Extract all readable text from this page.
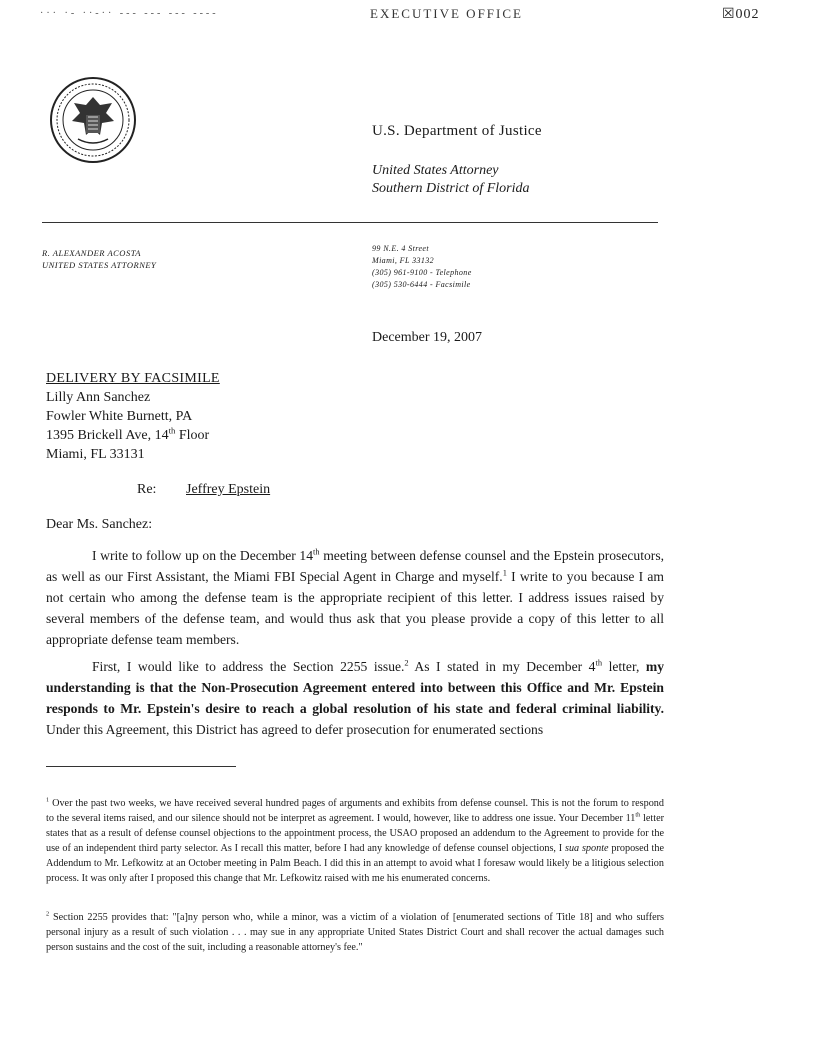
··· ·- ··-·· --- --- --- ----	EXECUTIVE OFFICE	☒002
U.S. Department of Justice
United States Attorney
Southern District of Florida
R. ALEXANDER ACOSTA
UNITED STATES ATTORNEY
99 N.E. 4 Street
Miami, FL 33132
(305) 961-9100 - Telephone
(305) 530-6444 - Facsimile
December 19, 2007
DELIVERY BY FACSIMILE
Lilly Ann Sanchez
Fowler White Burnett, PA
1395 Brickell Ave, 14th Floor
Miami, FL 33131
Re: Jeffrey Epstein
Dear Ms. Sanchez:

I write to follow up on the December 14th meeting between defense counsel and the Epstein prosecutors, as well as our First Assistant, the Miami FBI Special Agent in Charge and myself.$^1$ I write to you because I am not certain who among the defense team is the appropriate recipient of this letter. I address issues raised by several members of the defense team, and would thus ask that you please provide a copy of this letter to all appropriate defense team members.

First, I would like to address the Section 2255 issue.$^2$ As I stated in my December 4th letter, my understanding is that the Non-Prosecution Agreement entered into between this Office and Mr. Epstein responds to Mr. Epstein's desire to reach a global resolution of his state and federal criminal liability. Under this Agreement, this District has agreed to defer prosecution for enumerated sections

$^1$ Over the past two weeks, we have received several hundred pages of arguments and exhibits from defense counsel. This is not the forum to respond to the several items raised, and our silence should not be interpret as agreement. I would, however, like to address one issue. Your December 11th letter states that as a result of defense counsel objections to the appointment process, the USAO proposed an addendum to the Agreement to provide for the use of an independent third party selector. As I recall this matter, before I had any knowledge of defense counsel objections, I sua sponte proposed the Addendum to Mr. Lefkowitz at an October meeting in Palm Beach. I did this in an attempt to avoid what I foresaw would likely be a litigious selection process. It was only after I proposed this change that Mr. Lefkowitz raised with me his enumerated concerns.

$^2$ Section 2255 provides that: "[a]ny person who, while a minor, was a victim of a violation of [enumerated sections of Title 18] and who suffers personal injury as a result of such violation . . . may sue in any appropriate United States District Court and shall recover the actual damages such person sustains and the cost of the suit, including a reasonable attorney's fee."
